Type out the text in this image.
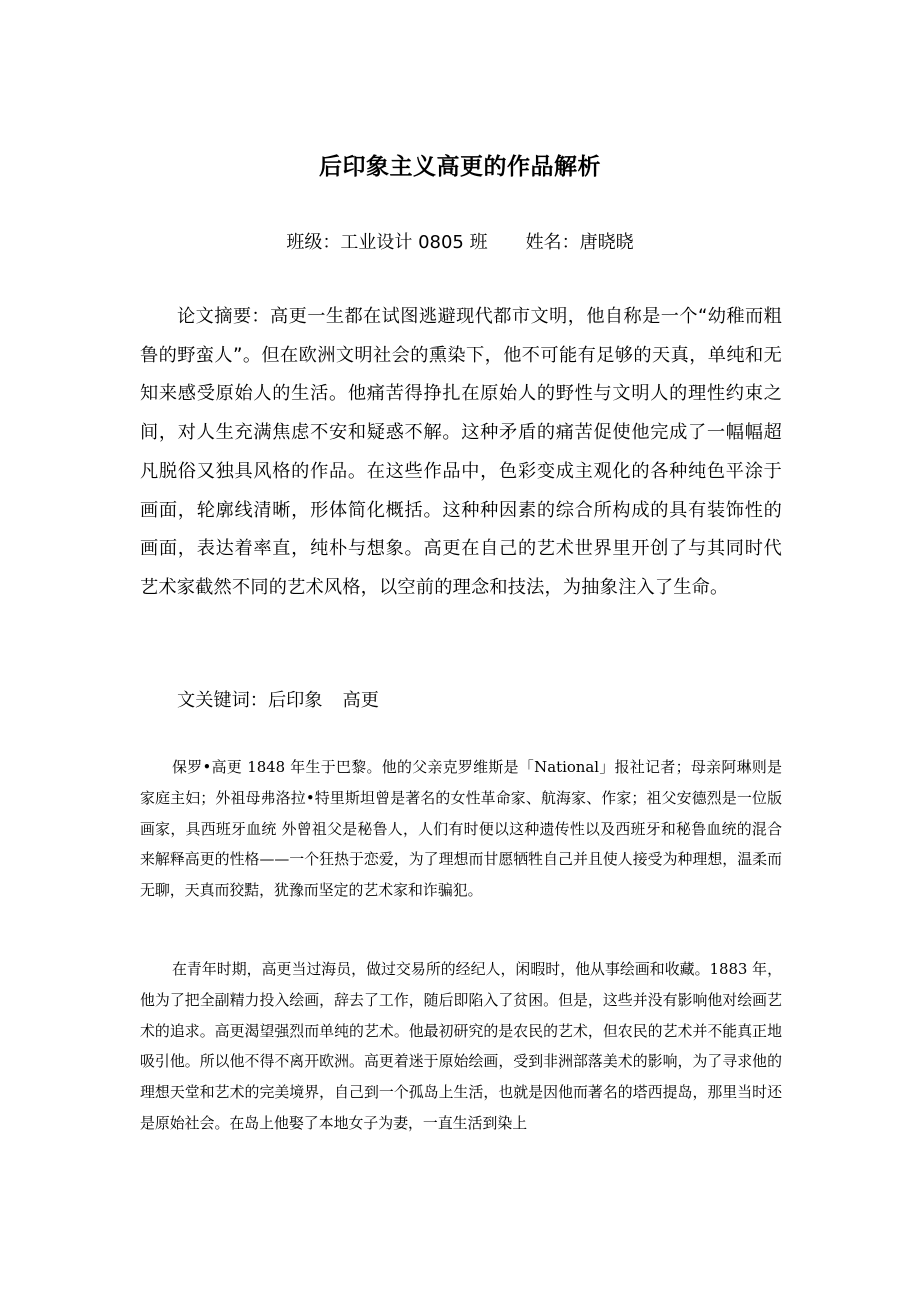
后印象主义高更的作品解析
班级：工业设计 0805 班 姓名：唐晓晓

论文摘要：高更一生都在试图逃避现代都市文明，他自称是一个“幼稚而粗鲁的野蛮人”。但在欧洲文明社会的熏染下，他不可能有足够的天真，单纯和无知来感受原始人的生活。他痛苦得挣扎在原始人的野性与文明人的理性约束之间，对人生充满焦虑不安和疑惑不解。这种矛盾的痛苦促使他完成了一幅幅超凡脱俗又独具风格的作品。在这些作品中，色彩变成主观化的各种纯色平涂于画面，轮廓线清晰，形体简化概括。这种种因素的综合所构成的具有装饰性的画面，表达着率直，纯朴与想象。高更在自己的艺术世界里开创了与其同时代艺术家截然不同的艺术风格，以空前的理念和技法，为抽象注入了生命。

文关键词：后印象 高更

保罗•高更 1848 年生于巴黎。他的父亲克罗维斯是「National」报社记者；母亲阿琳则是家庭主妇；外祖母弗洛拉•特里斯坦曾是著名的女性革命家、航海家、作家；祖父安德烈是一位版画家，具西班牙血统 外曾祖父是秘鲁人，人们有时便以这种遗传性以及西班牙和秘鲁血统的混合来解释高更的性格——一个狂热于恋爱，为了理想而甘愿牺牲自己并且使人接受为种理想，温柔而无聊，天真而狡黠，犹豫而坚定的艺术家和诈骗犯。

在青年时期，高更当过海员，做过交易所的经纪人，闲暇时，他从事绘画和收藏。1883 年，他为了把全副精力投入绘画，辞去了工作，随后即陷入了贫困。但是，这些并没有影响他对绘画艺术的追求。高更渴望强烈而单纯的艺术。他最初研究的是农民的艺术，但农民的艺术并不能真正地吸引他。所以他不得不离开欧洲。高更着迷于原始绘画，受到非洲部落美术的影响，为了寻求他的理想天堂和艺术的完美境界，自己到一个孤岛上生活，也就是因他而著名的塔西提岛，那里当时还是原始社会。在岛上他娶了本地女子为妻，一直生活到染上
